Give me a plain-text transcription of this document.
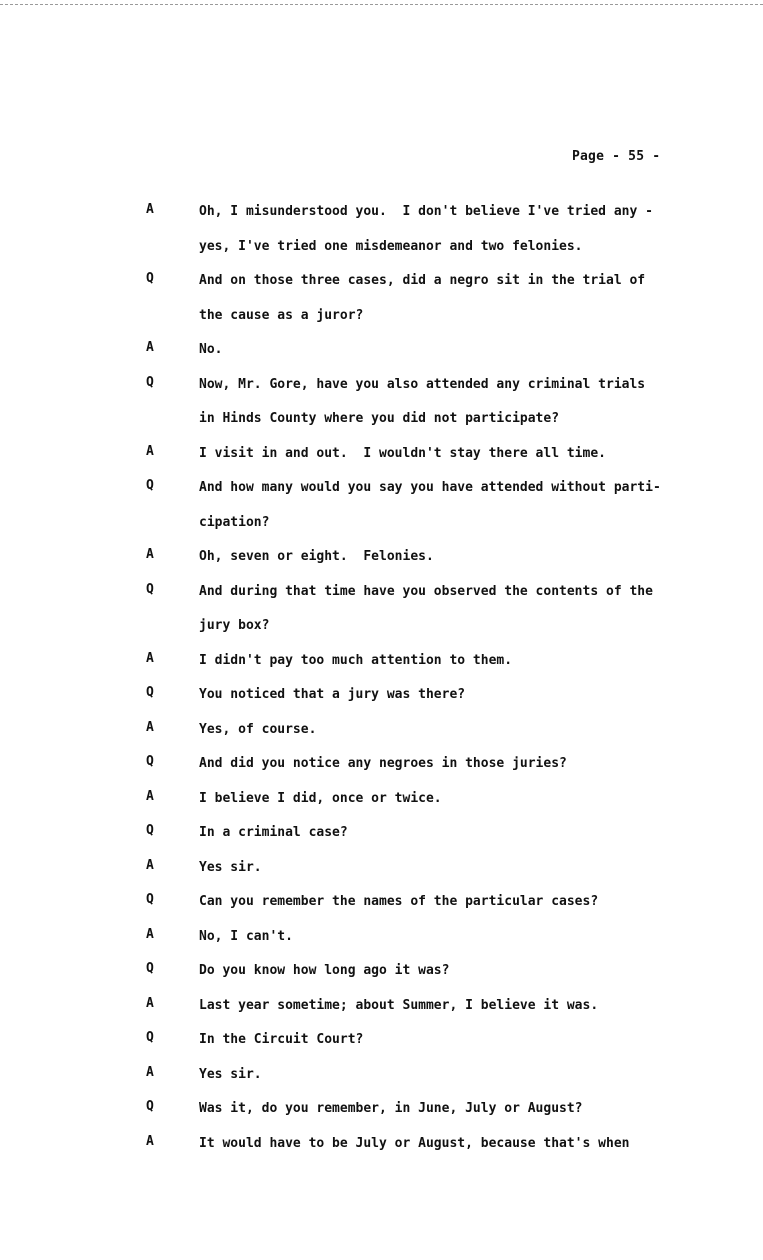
Page - 55 -
A	Oh, I misunderstood you.  I don't believe I've tried any -
yes, I've tried one misdemeanor and two felonies.
Q	And on those three cases, did a negro sit in the trial of
the cause as a juror?
A	No.
Q	Now, Mr. Gore, have you also attended any criminal trials
in Hinds County where you did not participate?
A	I visit in and out.  I wouldn't stay there all time.
Q	And how many would you say you have attended without parti-
cipation?
A	Oh, seven or eight.  Felonies.
Q	And during that time have you observed the contents of the
jury box?
A	I didn't pay too much attention to them.
Q	You noticed that a jury was there?
A	Yes, of course.
Q	And did you notice any negroes in those juries?
A	I believe I did, once or twice.
Q	In a criminal case?
A	Yes sir.
Q	Can you remember the names of the particular cases?
A	No, I can't.
Q	Do you know how long ago it was?
A	Last year sometime; about Summer, I believe it was.
Q	In the Circuit Court?
A	Yes sir.
Q	Was it, do you remember, in June, July or August?
A	It would have to be July or August, because that's when
